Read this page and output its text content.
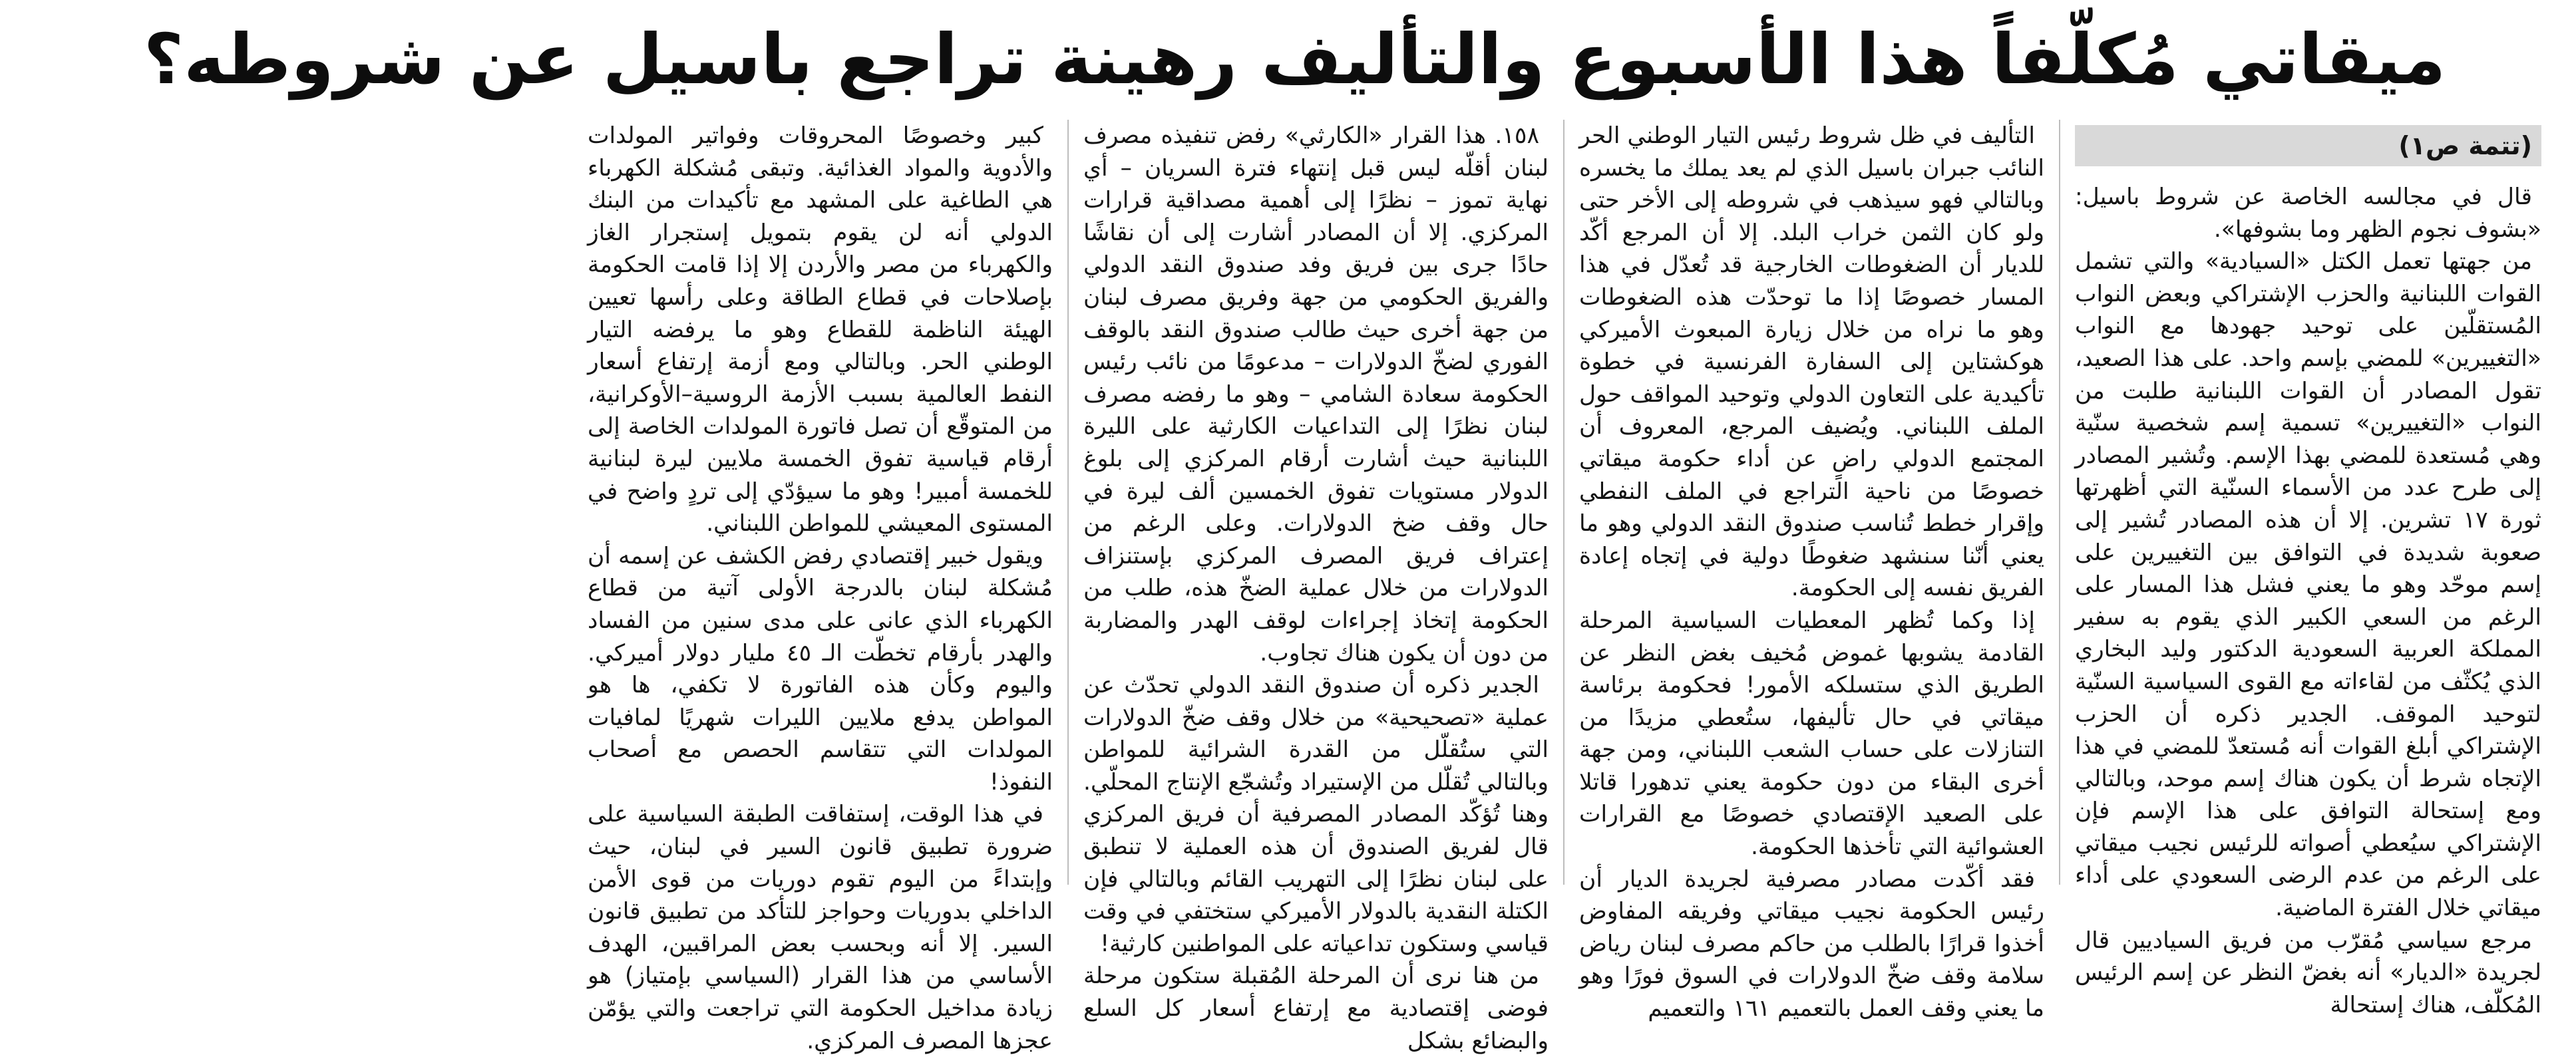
ميقاتي مُكلّفاً هذا الأسبوع والتأليف رهينة تراجع باسيل عن شروطه؟
(تتمة ص١)

قال في مجالسه الخاصة عن شروط باسيل: «بشوف نجوم الظهر وما بشوفها».

من جهتها تعمل الكتل «السيادية» والتي تشمل القوات اللبنانية والحزب الإشتراكي وبعض النواب المُستقلّين على توحيد جهودها مع النواب «التغييرين» للمضي بإسم واحد. على هذا الصعيد، تقول المصادر أن القوات اللبنانية طلبت من النواب «التغييرين» تسمية إسم شخصية سنّية وهي مُستعدة للمضي بهذا الإسم. وتُشير المصادر إلى طرح عدد من الأسماء السنّية التي أظهرتها ثورة ١٧ تشرين. إلا أن هذه المصادر تُشير إلى صعوبة شديدة في التوافق بين التغييرين على إسم موحّد وهو ما يعني فشل هذا المسار على الرغم من السعي الكبير الذي يقوم به سفير المملكة العربية السعودية الدكتور وليد البخاري الذي يُكثّف من لقاءاته مع القوى السياسية السنّية لتوحيد الموقف. الجدير ذكره أن الحزب الإشتراكي أبلغ القوات أنه مُستعدّ للمضي في هذا الإتجاه شرط أن يكون هناك إسم موحد، وبالتالي ومع إستحالة التوافق على هذا الإسم فإن الإشتراكي سيُعطي أصواته للرئيس نجيب ميقاتي على الرغم من عدم الرضى السعودي على أداء ميقاتي خلال الفترة الماضية.

مرجع سياسي مُقرّب من فريق السياديين قال لجريدة «الديار» أنه بغضّ النظر عن إسم الرئيس المُكلّف، هناك إستحالة

التأليف في ظل شروط رئيس التيار الوطني الحر النائب جبران باسيل الذي لم يعد يملك ما يخسره وبالتالي فهو سيذهب في شروطه إلى الأخر حتى ولو كان الثمن خراب البلد. إلا أن المرجع أكّد للديار أن الضغوطات الخارجية قد تُعدّل في هذا المسار خصوصًا إذا ما توحدّت هذه الضغوطات وهو ما نراه من خلال زيارة المبعوث الأميركي هوكشتاين إلى السفارة الفرنسية في خطوة تأكيدية على التعاون الدولي وتوحيد المواقف حول الملف اللبناني. ويُضيف المرجع، المعروف أن المجتمع الدولي راضٍ عن أداء حكومة ميقاتي خصوصًا من ناحية التراجع في الملف النفطي وإقرار خطط تُناسب صندوق النقد الدولي وهو ما يعني أنّنا سنشهد ضغوطًا دولية في إتجاه إعادة الفريق نفسه إلى الحكومة.

إذا وكما تُظهر المعطيات السياسية المرحلة القادمة يشوبها غموض مُخيف بغض النظر عن الطريق الذي ستسلكه الأمور! فحكومة برئاسة ميقاتي في حال تأليفها، ستُعطي مزيدًا من التنازلات على حساب الشعب اللبناني، ومن جهة أخرى البقاء من دون حكومة يعني تدهورا قاتلا على الصعيد الإقتصادي خصوصًا مع القرارات العشوائية التي تأخذها الحكومة.

فقد أكّدت مصادر مصرفية لجريدة الديار أن رئيس الحكومة نجيب ميقاتي وفريقه المفاوض أخذوا قرارًا بالطلب من حاكم مصرف لبنان رياض سلامة وقف ضخّ الدولارات في السوق فورًا وهو ما يعني وقف العمل بالتعميم ١٦١ والتعميم

١٥٨. هذا القرار «الكارثي» رفض تنفيذه مصرف لبنان أقلّه ليس قبل إنتهاء فترة السريان – أي نهاية تموز – نظرًا إلى أهمية مصداقية قرارات المركزي. إلا أن المصادر أشارت إلى أن نقاشًا حادًا جرى بين فريق وفد صندوق النقد الدولي والفريق الحكومي من جهة وفريق مصرف لبنان من جهة أخرى حيث طالب صندوق النقد بالوقف الفوري لضخّ الدولارات – مدعومًا من نائب رئيس الحكومة سعادة الشامي – وهو ما رفضه مصرف لبنان نظرًا إلى التداعيات الكارثية على الليرة اللبنانية حيث أشارت أرقام المركزي إلى بلوغ الدولار مستويات تفوق الخمسين ألف ليرة في حال وقف ضخ الدولارات. وعلى الرغم من إعتراف فريق المصرف المركزي بإستنزاف الدولارات من خلال عملية الضخّ هذه، طلب من الحكومة إتخاذ إجراءات لوقف الهدر والمضاربة من دون أن يكون هناك تجاوب.

الجدير ذكره أن صندوق النقد الدولي تحدّث عن عملية «تصحيحية» من خلال وقف ضخّ الدولارات التي ستُقلّل من القدرة الشرائية للمواطن وبالتالي تُقلّل من الإستيراد وتُشجّع الإنتاج المحلّي. وهنا تُؤكّد المصادر المصرفية أن فريق المركزي قال لفريق الصندوق أن هذه العملية لا تنطبق على لبنان نظرًا إلى التهريب القائم وبالتالي فإن الكتلة النقدية بالدولار الأميركي ستختفي في وقت قياسي وستكون تداعياته على المواطنين كارثية!

من هنا نرى أن المرحلة المُقبلة ستكون مرحلة فوضى إقتصادية مع إرتفاع أسعار كل السلع والبضائع بشكل

كبير وخصوصًا المحروقات وفواتير المولدات والأدوية والمواد الغذائية. وتبقى مُشكلة الكهرباء هي الطاغية على المشهد مع تأكيدات من البنك الدولي أنه لن يقوم بتمويل إستجرار الغاز والكهرباء من مصر والأردن إلا إذا قامت الحكومة بإصلاحات في قطاع الطاقة وعلى رأسها تعيين الهيئة الناظمة للقطاع وهو ما يرفضه التيار الوطني الحر. وبالتالي ومع أزمة إرتفاع أسعار النفط العالمية بسبب الأزمة الروسية–الأوكرانية، من المتوقّع أن تصل فاتورة المولدات الخاصة إلى أرقام قياسية تفوق الخمسة ملايين ليرة لبنانية للخمسة أمبير! وهو ما سيؤدّي إلى تردٍ واضح في المستوى المعيشي للمواطن اللبناني.

ويقول خبير إقتصادي رفض الكشف عن إسمه أن مُشكلة لبنان بالدرجة الأولى آتية من قطاع الكهرباء الذي عانى على مدى سنين من الفساد والهدر بأرقام تخطّت الـ ٤٥ مليار دولار أميركي. واليوم وكأن هذه الفاتورة لا تكفي، ها هو المواطن يدفع ملايين الليرات شهريًا لمافيات المولدات التي تتقاسم الحصص مع أصحاب النفوذ!

في هذا الوقت، إستفاقت الطبقة السياسية على ضرورة تطبيق قانون السير في لبنان، حيث وإبتداءً من اليوم تقوم دوريات من قوى الأمن الداخلي بدوريات وحواجز للتأكد من تطبيق قانون السير. إلا أنه وبحسب بعض المراقبين، الهدف الأساسي من هذا القرار (السياسي بإمتياز) هو زيادة مداخيل الحكومة التي تراجعت والتي يؤمّن عجزها المصرف المركزي.
